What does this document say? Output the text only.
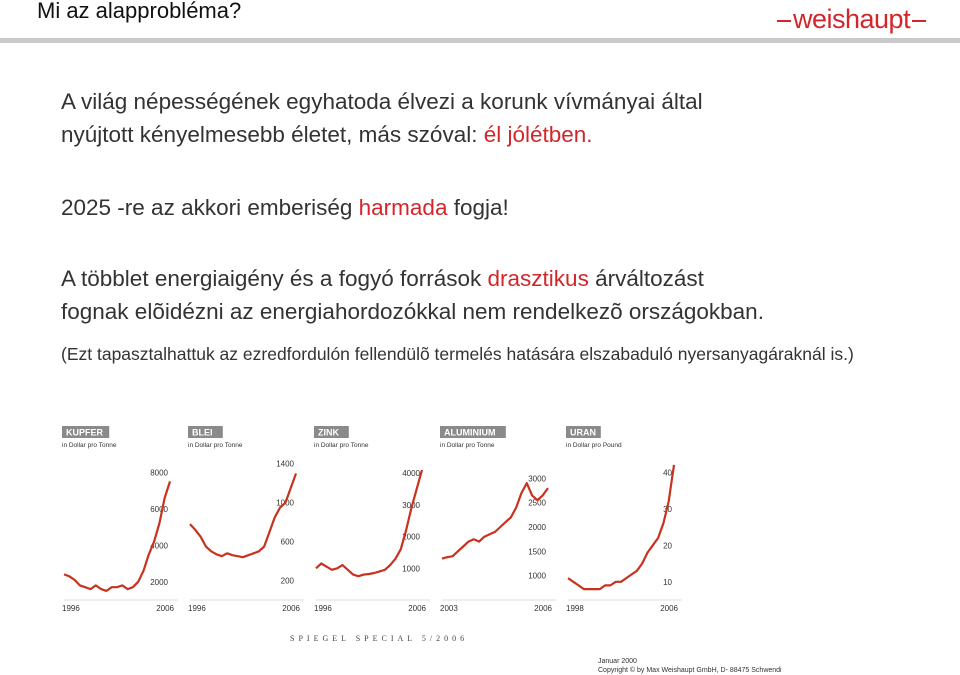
Mi az alapprobléma?	weishaupt
A világ népességének egyhatoda élvezi a korunk vívmányai által
nyújtott kényelmesebb életet, más szóval: él jólétben.
2025 -re az akkori emberiség harmada fogja!
A többlet energiaigény és a fogyó források drasztikus árváltozást
fognak elõidézni az energiahordozókkal nem rendelkezõ országokban.
(Ezt tapasztalhattuk az ezredfordulón fellendülõ termelés hatására elszabaduló nyersanyagáraknál is.)
KUPFER
in Dollar pro Tonne
2000
4000
6000
8000
1996	2006
BLEI
in Dollar pro Tonne
200
600
1000
1400
1996	2006
ZINK
in Dollar pro Tonne
1000
2000
3000
4000
1996	2006
ALUMINIUM
in Dollar pro Tonne
1000
1500
2000
2500
3000
2003	2006
URAN
in Dollar pro Pound
10
20
30
40
1998	2006
SPIEGEL SPECIAL 5/2006
Januar 2000
Copyright © by Max Weishaupt GmbH, D- 88475 Schwendi
